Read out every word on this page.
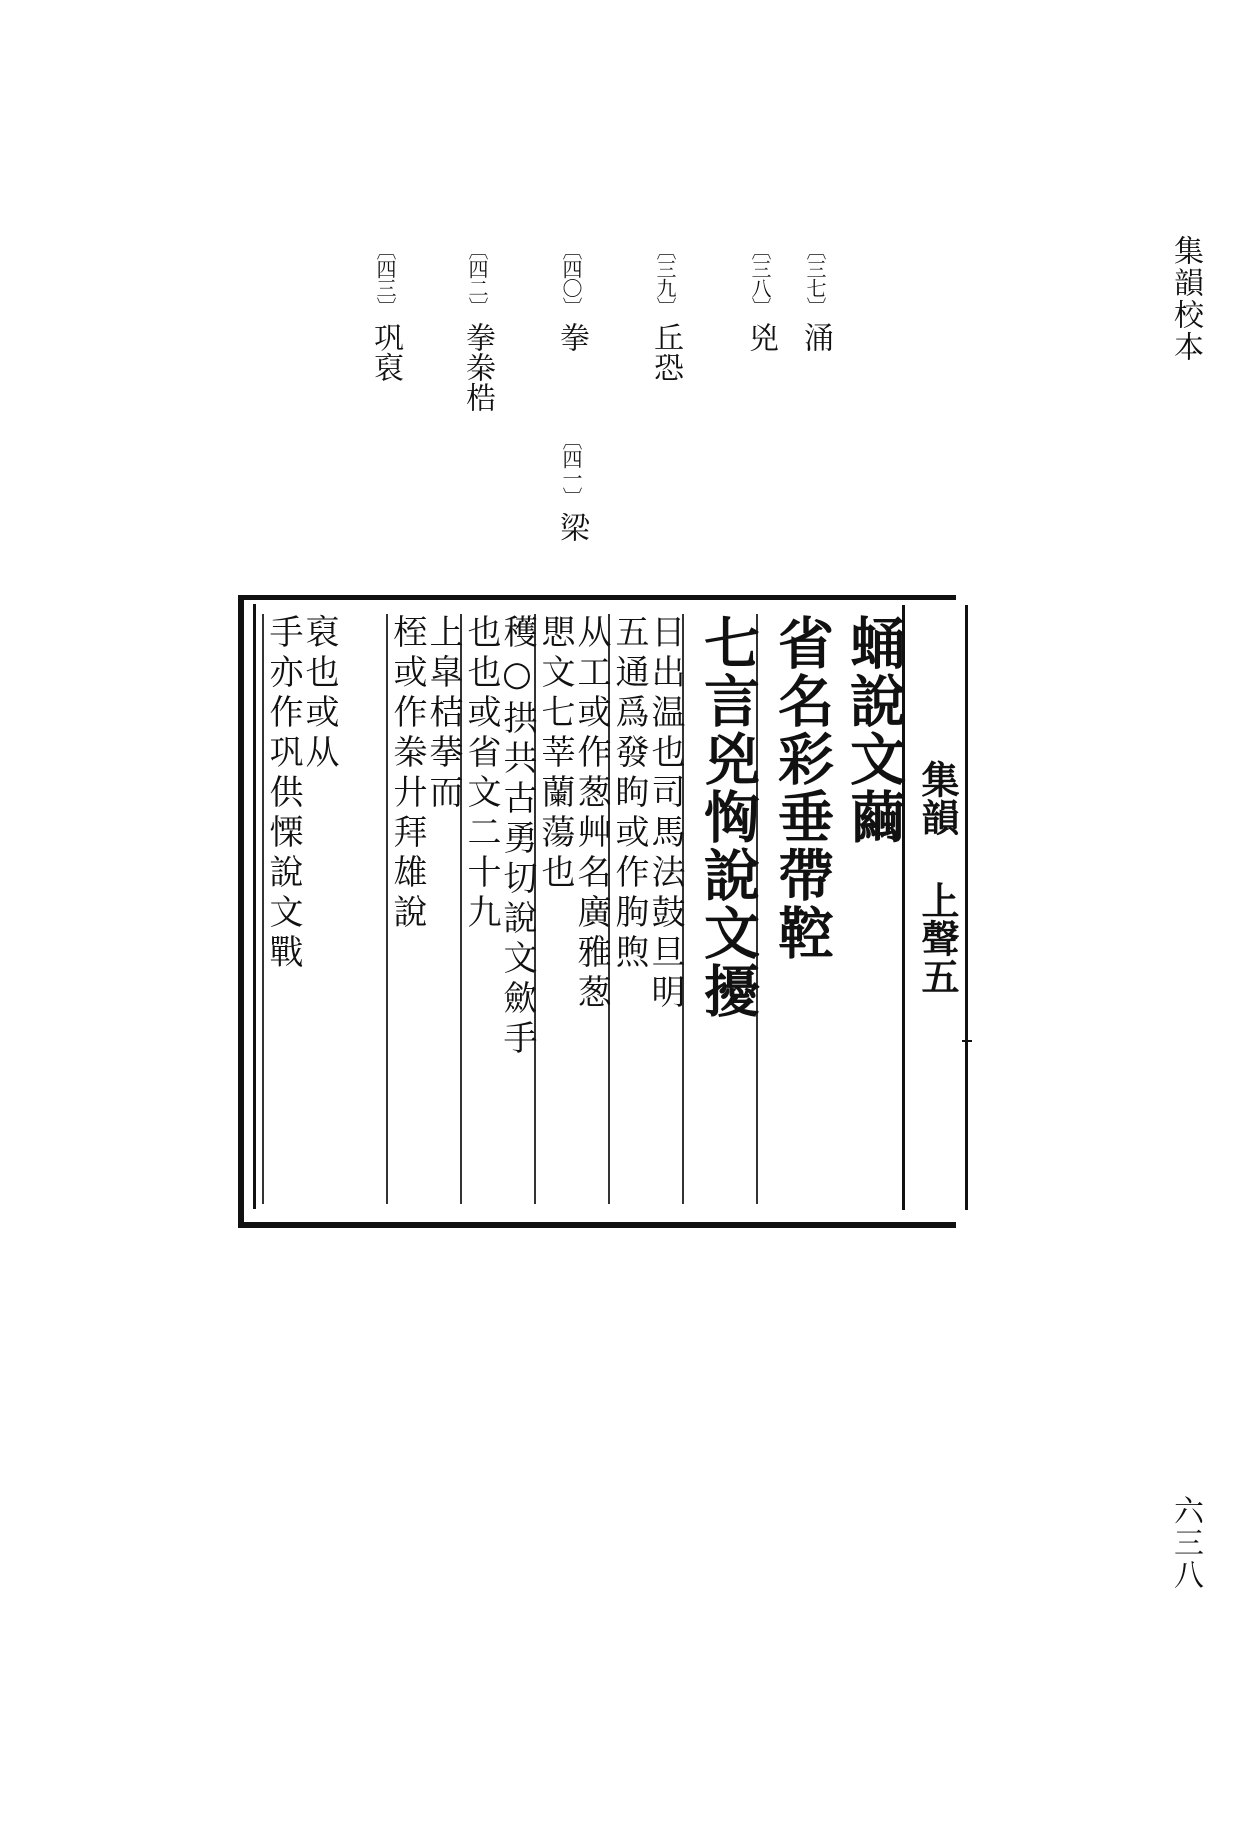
集韻校本
六三八
〔三七〕涌
〔三八〕兇
〔三九〕丘恐
〔四〇〕拳
〔四一〕梁
〔四二〕拳桊梏
〔四三〕巩裒
集韻 上聲五
蛹說文繭
省名彩垂帶鞚
七言兇恟說文擾
日出温也司馬法鼓旦明
五通爲發眗或作朐煦
从工或作葱艸名廣雅葱
愳文七莘蘭蕩也
穫○拱共古勇切說文歛手
也也或省文二十九
上皐桔拲而
桎或作桊廾拜雄說
裒也或从
手亦作巩供慄說文戰
